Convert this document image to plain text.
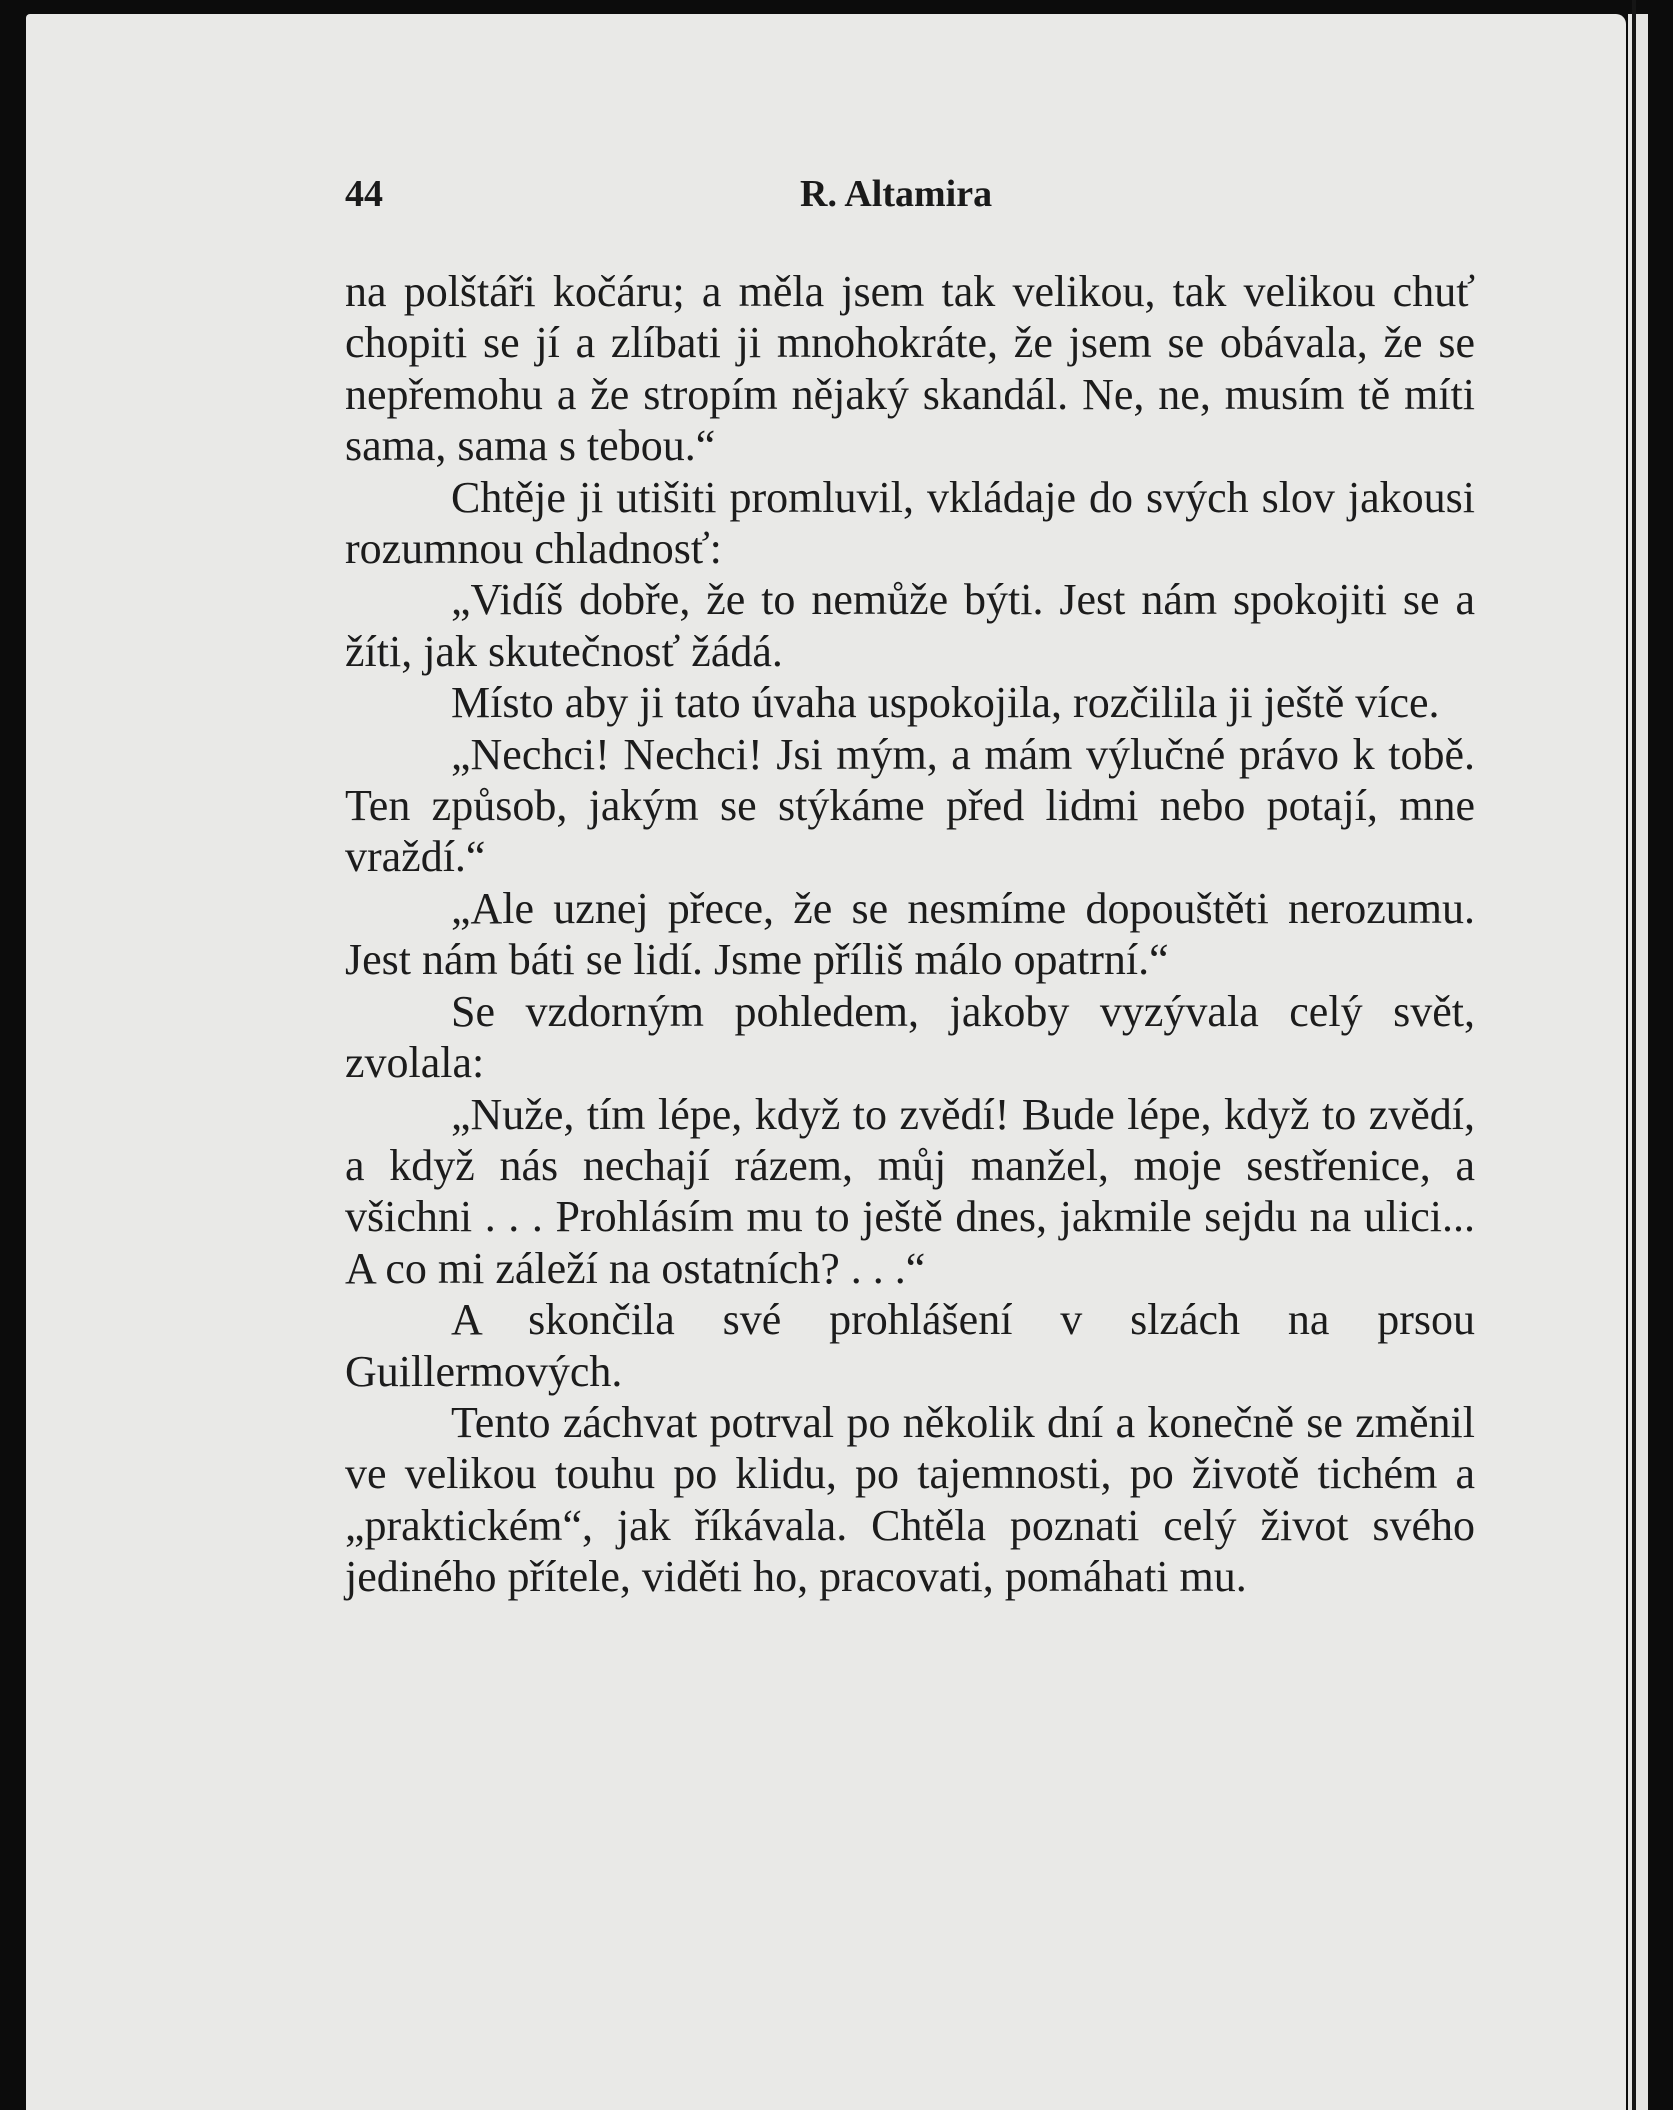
44	R. Altamira

na polštáři kočáru; a měla jsem tak velikou, tak velikou chuť chopiti se jí a zlíbati ji mnohokráte, že jsem se obávala, že se nepřemohu a že stropím nějaký skandál. Ne, ne, musím tě míti sama, sama s tebou.“

Chtěje ji utišiti promluvil, vkládaje do svých slov jakousi rozumnou chladnosť:

„Vidíš dobře, že to nemůže býti. Jest nám spokojiti se a žíti, jak skutečnosť žádá.

Místo aby ji tato úvaha uspokojila, rozčilila ji ještě více.

„Nechci! Nechci! Jsi mým, a mám výlučné právo k tobě. Ten způsob, jakým se stýkáme před lidmi nebo potají, mne vraždí.“

„Ale uznej přece, že se nesmíme dopouštěti nerozumu. Jest nám báti se lidí. Jsme příliš málo opatrní.“

Se vzdorným pohledem, jakoby vyzývala celý svět, zvolala:

„Nuže, tím lépe, když to zvědí! Bude lépe, když to zvědí, a když nás nechají rázem, můj manžel, moje sestřenice, a všichni . . . Prohlásím mu to ještě dnes, jakmile sejdu na ulici... A co mi záleží na ostatních? . . .“

A skončila své prohlášení v slzách na prsou Guillermových.

Tento záchvat potrval po několik dní a konečně se změnil ve velikou touhu po klidu, po tajemnosti, po životě tichém a „praktickém“, jak říkávala. Chtěla poznati celý život svého jediného přítele, viděti ho, pracovati, pomáhati mu.
